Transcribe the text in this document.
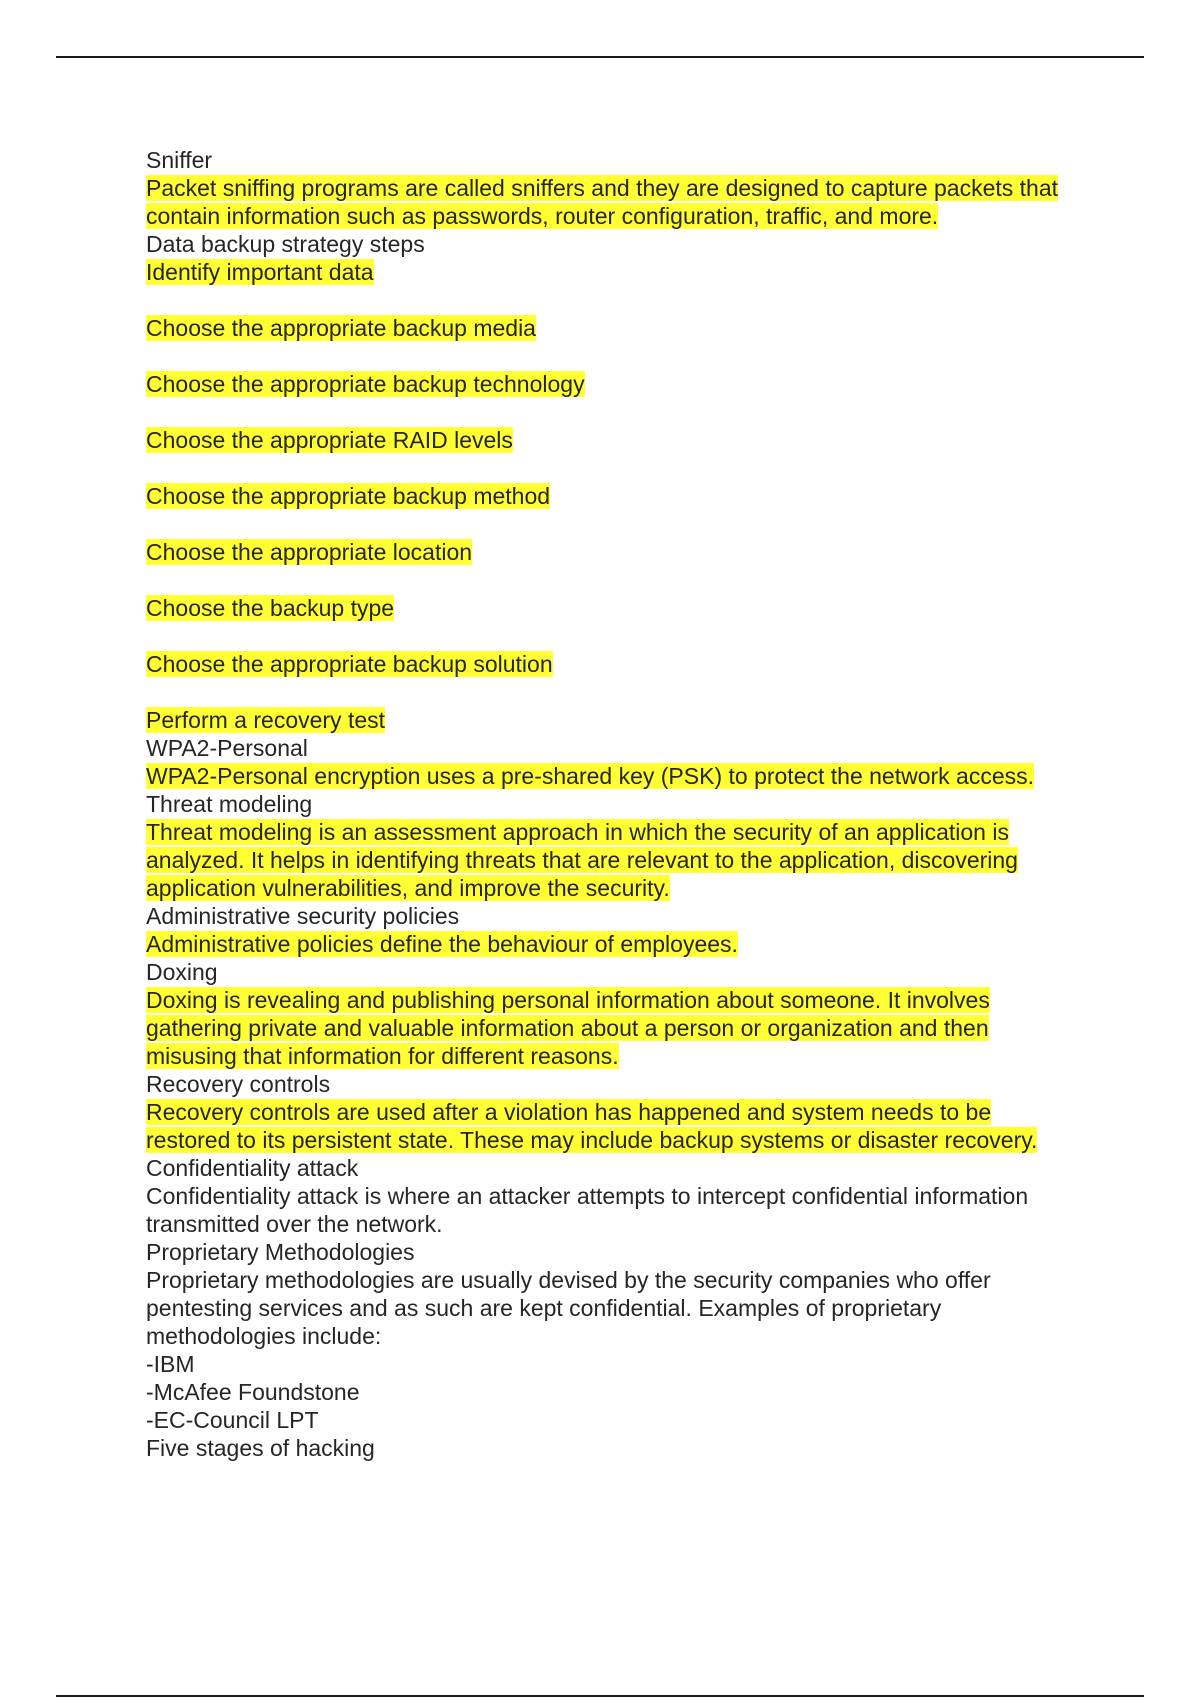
Sniffer
Packet sniffing programs are called sniffers and they are designed to capture packets that contain information such as passwords, router configuration, traffic, and more.
Data backup strategy steps
Identify important data
Choose the appropriate backup media
Choose the appropriate backup technology
Choose the appropriate RAID levels
Choose the appropriate backup method
Choose the appropriate location
Choose the backup type
Choose the appropriate backup solution
Perform a recovery test
WPA2-Personal
WPA2-Personal encryption uses a pre-shared key (PSK) to protect the network access.
Threat modeling
Threat modeling is an assessment approach in which the security of an application is analyzed. It helps in identifying threats that are relevant to the application, discovering application vulnerabilities, and improve the security.
Administrative security policies
Administrative policies define the behaviour of employees.
Doxing
Doxing is revealing and publishing personal information about someone. It involves gathering private and valuable information about a person or organization and then misusing that information for different reasons.
Recovery controls
Recovery controls are used after a violation has happened and system needs to be restored to its persistent state. These may include backup systems or disaster recovery.
Confidentiality attack
Confidentiality attack is where an attacker attempts to intercept confidential information transmitted over the network.
Proprietary Methodologies
Proprietary methodologies are usually devised by the security companies who offer pentesting services and as such are kept confidential. Examples of proprietary methodologies include:
-IBM
-McAfee Foundstone
-EC-Council LPT
Five stages of hacking
